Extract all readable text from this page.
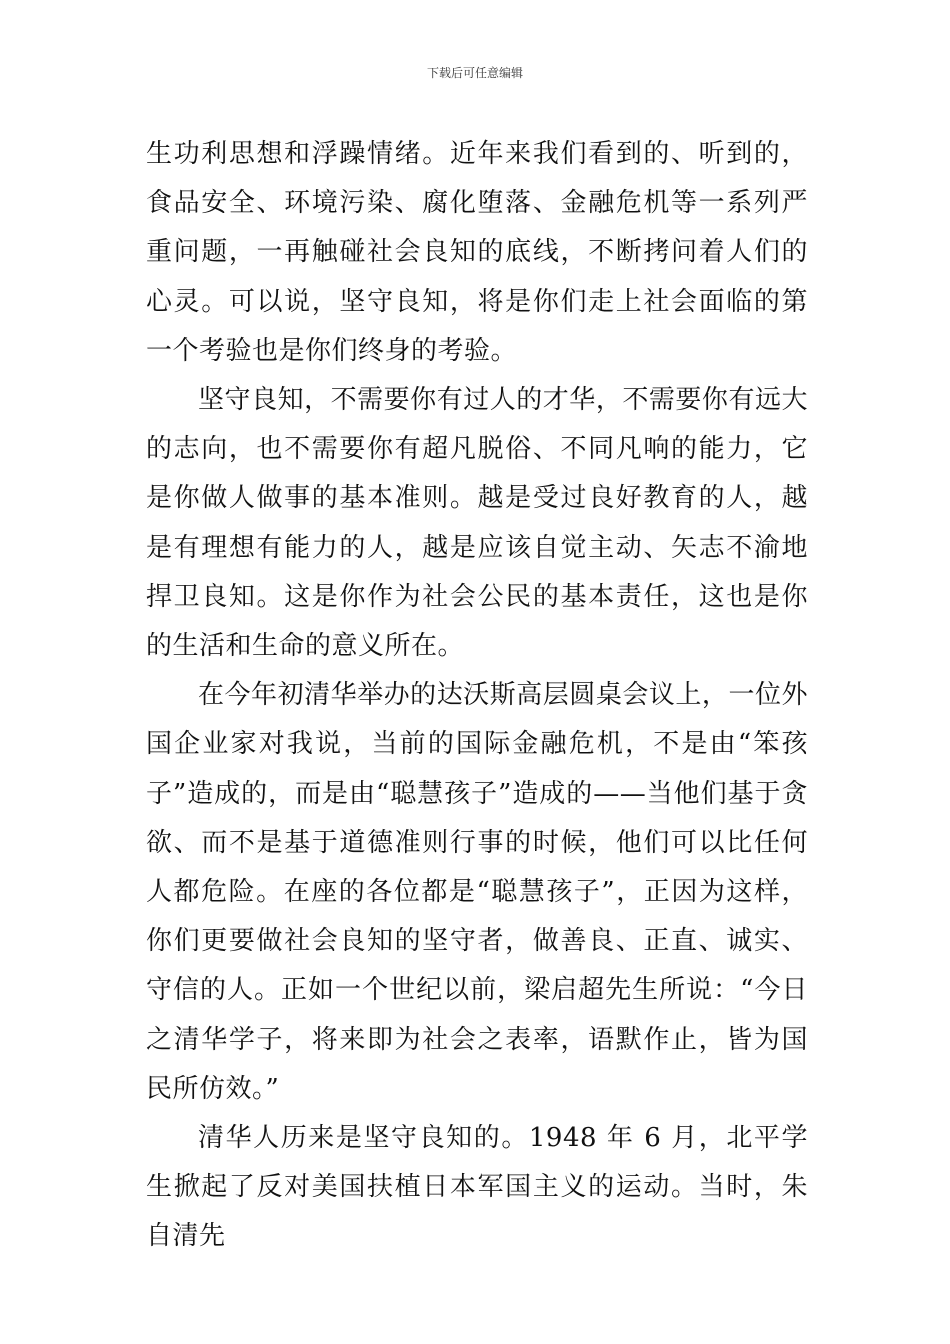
下载后可任意编辑

生功利思想和浮躁情绪。近年来我们看到的、听到的，食品安全、环境污染、腐化堕落、金融危机等一系列严重问题，一再触碰社会良知的底线，不断拷问着人们的心灵。可以说，坚守良知，将是你们走上社会面临的第一个考验也是你们终身的考验。

坚守良知，不需要你有过人的才华，不需要你有远大的志向，也不需要你有超凡脱俗、不同凡响的能力，它是你做人做事的基本准则。越是受过良好教育的人，越是有理想有能力的人，越是应该自觉主动、矢志不渝地捍卫良知。这是你作为社会公民的基本责任，这也是你的生活和生命的意义所在。

在今年初清华举办的达沃斯高层圆桌会议上，一位外国企业家对我说，当前的国际金融危机，不是由“笨孩子”造成的，而是由“聪慧孩子”造成的——当他们基于贪欲、而不是基于道德准则行事的时候，他们可以比任何人都危险。在座的各位都是“聪慧孩子”，正因为这样，你们更要做社会良知的坚守者，做善良、正直、诚实、守信的人。正如一个世纪以前，梁启超先生所说：“今日之清华学子，将来即为社会之表率，语默作止，皆为国民所仿效。”

清华人历来是坚守良知的。1948 年 6 月，北平学生掀起了反对美国扶植日本军国主义的运动。当时，朱自清先
